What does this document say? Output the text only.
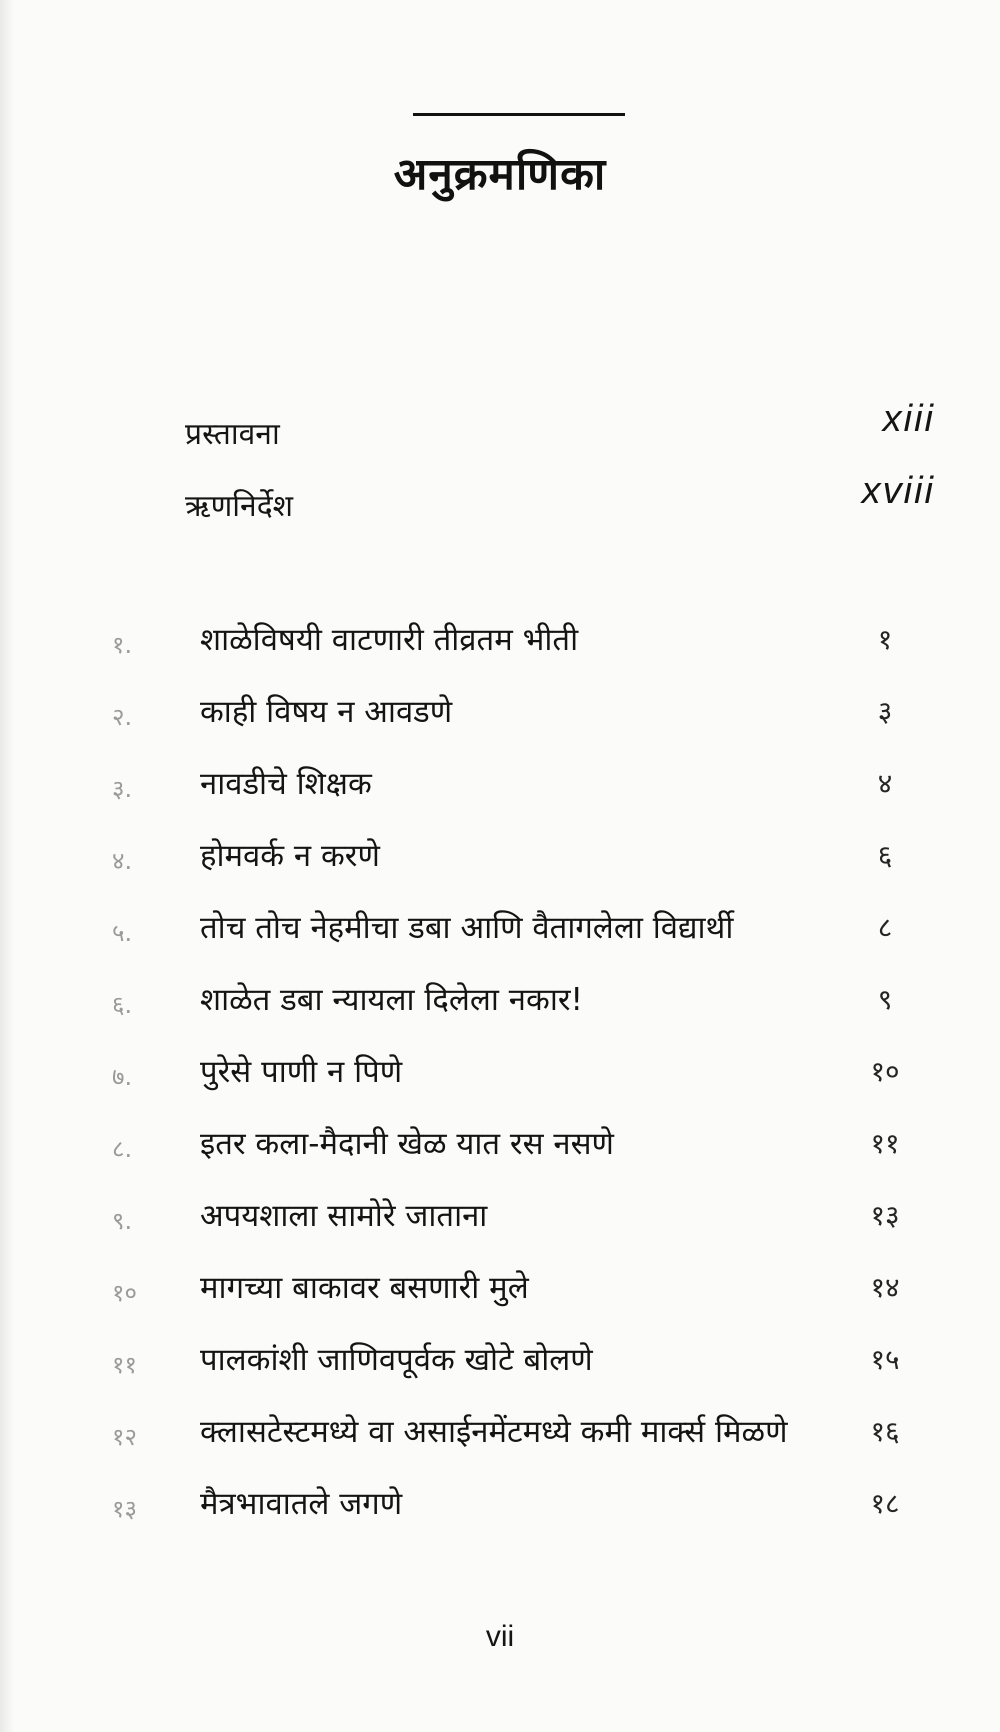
अनुक्रमणिका
प्रस्तावना	xiii
ऋणनिर्देश	xviii
१.	शाळेविषयी वाटणारी तीव्रतम भीती	१
२.	काही विषय न आवडणे	३
३.	नावडीचे शिक्षक	४
४.	होमवर्क न करणे	६
५.	तोच तोच नेहमीचा डबा आणि वैतागलेला विद्यार्थी	८
६.	शाळेत डबा न्यायला दिलेला नकार!	९
७.	पुरेसे पाणी न पिणे	१०
८.	इतर कला-मैदानी खेळ यात रस नसणे	११
९.	अपयशाला सामोरे जाताना	१३
१०	मागच्या बाकावर बसणारी मुले	१४
११	पालकांशी जाणिवपूर्वक खोटे बोलणे	१५
१२	क्लासटेस्टमध्ये वा असाईनमेंटमध्ये कमी मार्क्स मिळणे	१६
१३	मैत्रभावातले जगणे	१८
vii
